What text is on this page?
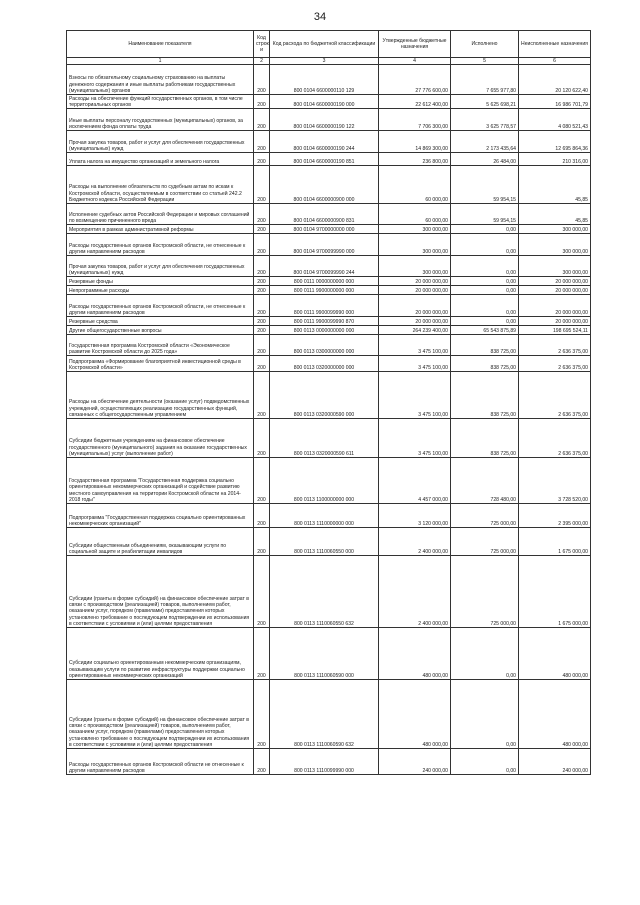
34
Наименование показателя	Код строк и	Код расхода по бюджетной классификации	Утвержденные бюджетные назначения	Исполнено	Неисполненные назначения
1	2	3	4	5	6
Взносы по обязательному социальному страхованию на выплаты денежного содержания и иные выплаты работникам государственных (муниципальных) органов	200	800 0104 6600000110 129	27 776 600,00	7 655 977,80	20 120 622,40
Расходы на обеспечение функций государственных органов, в том числе территориальных органов	200	800 0104 6600000190 000	22 612 400,00	5 625 698,21	16 986 701,79
Иные выплаты персоналу государственных (муниципальных) органов, за исключением фонда оплаты труда	200	800 0104 6600000190 122	7 706 300,00	3 625 778,57	4 080 521,43
Прочая закупка товаров, работ и услуг для обеспечения государственных (муниципальных) нужд	200	800 0104 6600000190 244	14 869 300,00	2 173 435,64	12 695 864,36
Уплата налога на имущество организаций и земельного налога	200	800 0104 6600000190 851	236 800,00	26 484,00	210 316,00
Расходы на выполнение обязательств по судебным актам по искам к Костромской области, осуществляемым в соответствии со статьей 242.2 Бюджетного кодекса Российской Федерации	200	800 0104 6600000900 000	60 000,00	59 954,15	45,85
Исполнение судебных актов Российской Федерации и мировых соглашений по возмещению причиненного вреда	200	800 0104 6600000900 831	60 000,00	59 954,15	45,85
Мероприятия в рамках административной реформы	200	800 0104 9700000000 000	300 000,00	0,00	300 000,00
Расходы государственных органов Костромской области, не отнесенные к другим направлениям расходов	200	800 0104 9700099990 000	300 000,00	0,00	300 000,00
Прочая закупка товаров, работ и услуг для обеспечения государственных (муниципальных) нужд	200	800 0104 9700099990 244	300 000,00	0,00	300 000,00
Резервные фонды	200	800 0111 0000000000 000	20 000 000,00	0,00	20 000 000,00
Непрограммные расходы	200	800 0111 9900000000 000	20 000 000,00	0,00	20 000 000,00
Расходы государственных органов Костромской области, не отнесенные к другим направлениям расходов	200	800 0111 9900099990 000	20 000 000,00	0,00	20 000 000,00
Резервные средства	200	800 0111 9900099990 870	20 000 000,00	0,00	20 000 000,00
Другие общегосударственные вопросы	200	800 0113 0000000000 000	264 239 400,00	65 543 875,89	198 695 524,11
Государственная программа Костромской области «Экономическое развитие Костромской области до 2025 года»	200	800 0113 0300000000 000	3 475 100,00	838 725,00	2 636 375,00
Подпрограмма «Формирование благоприятной инвестиционной среды в Костромской области»	200	800 0113 0320000000 000	3 475 100,00	838 725,00	2 636 375,00
Расходы на обеспечение деятельности (оказание услуг) подведомственных учреждений, осуществляющих реализацию государственных функций, связанных с общегосударственным управлением	200	800 0113 0320000590 000	3 475 100,00	838 725,00	2 636 375,00
Субсидии бюджетным учреждениям на финансовое обеспечение государственного (муниципального) задания на оказание государственных (муниципальных) услуг (выполнение работ)	200	800 0113 0320000590 611	3 475 100,00	838 725,00	2 636 375,00
Государственная программа "Государственная поддержка социально ориентированных некоммерческих организаций и содействие развитию местного самоуправления на территории Костромской области на 2014-2018 годы"	200	800 0113 1100000000 000	4 457 000,00	728 480,00	3 728 520,00
Подпрограмма "Государственная поддержка социально ориентированных некоммерческих организаций"	200	800 0113 1110000000 000	3 120 000,00	725 000,00	2 395 000,00
Субсидии общественным объединениям, оказывающим услуги по социальной защите и реабилитации инвалидов	200	800 0113 1110060550 000	2 400 000,00	725 000,00	1 675 000,00
Субсидии (гранты в форме субсидий) на финансовое обеспечение затрат в связи с производством (реализацией) товаров, выполнением работ, оказанием услуг, порядком (правилами) предоставления которых установлено требование о последующем подтверждении их использования в соответствии с условиями и (или) целями предоставления	200	800 0113 1110060550 632	2 400 000,00	725 000,00	1 675 000,00
Субсидии социально ориентированным некоммерческим организациям, оказывающим услуги по развитию инфраструктуры поддержки социально ориентированных некоммерческих организаций	200	800 0113 1110060590 000	480 000,00	0,00	480 000,00
Субсидии (гранты в форме субсидий) на финансовое обеспечение затрат в связи с производством (реализацией) товаров, выполнением работ, оказанием услуг, порядком (правилами) предоставления которых установлено требование о последующем подтверждении их использования в соответствии с условиями и (или) целями предоставления	200	800 0113 1110060590 632	480 000,00	0,00	480 000,00
Расходы государственных органов Костромской области не отнесенные к другим направлениям расходов	200	800 0113 1110099990 000	240 000,00	0,00	240 000,00
